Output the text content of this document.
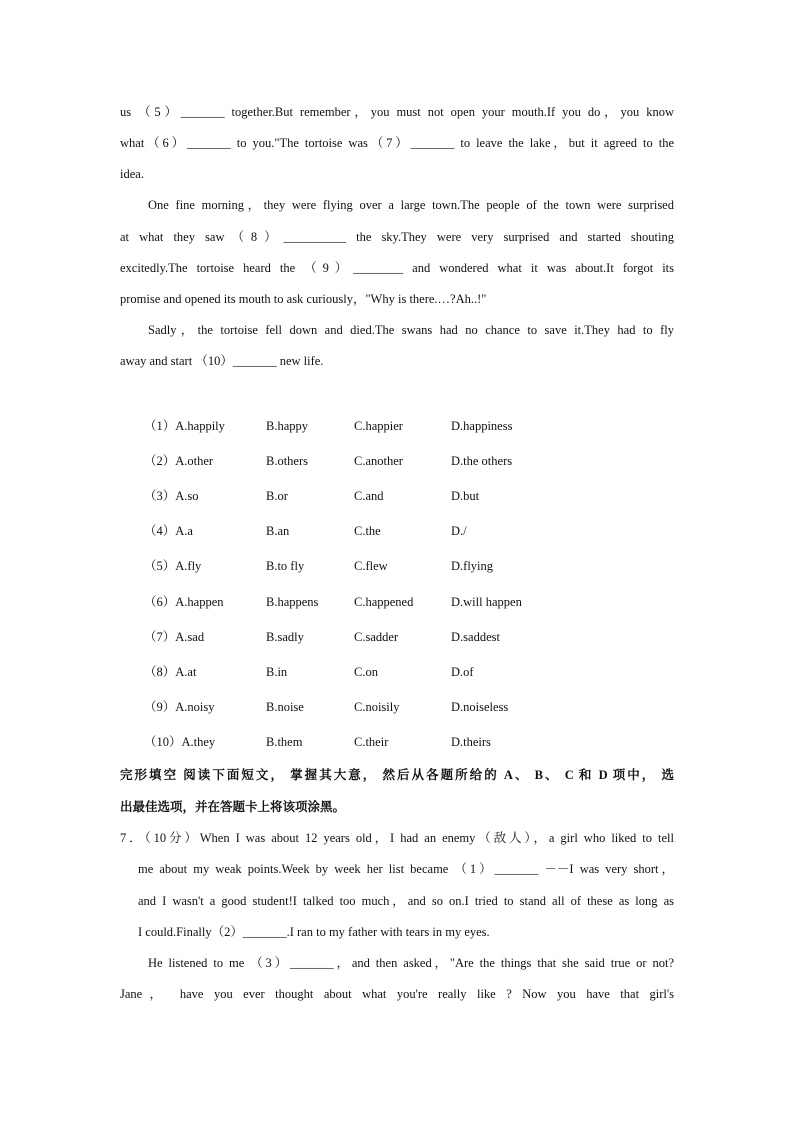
us （5）_______ together.But remember，you must not open your mouth.If you do，you know
what（6）_______ to you."The tortoise was（7）_______ to leave the lake，but it agreed to the
idea.
One fine morning，they were flying over a large town.The people of the town were surprised
at what they saw（8）__________ the sky.They were very surprised and started shouting
excitedly.The tortoise heard the （9）________ and wondered what it was about.It forgot its
promise and opened its mouth to ask curiously，"Why is there.…?Ah..!"
Sadly，the tortoise fell down and died.The swans had no chance to save it.They had to fly
away and start （10）_______ new life.
（1）A.happily	B.happy	C.happier	D.happiness
（2）A.other	B.others	C.another	D.the others
（3）A.so	B.or	C.and	D.but
（4）A.a	B.an	C.the	D./
（5）A.fly	B.to fly	C.flew	D.flying
（6）A.happen	B.happens	C.happened	D.will happen
（7）A.sad	B.sadly	C.sadder	D.saddest
（8）A.at	B.in	C.on	D.of
（9）A.noisy	B.noise	C.noisily	D.noiseless
（10）A.they	B.them	C.their	D.theirs
完形填空 阅读下面短文， 掌握其大意， 然后从各题所给的 A、 B、 C 和 D 项中， 选
出最佳选项，并在答题卡上将该项涂黑。
7．（10分）When I was about 12 years old，I had an enemy（敌人），a girl who liked to tell
me about my weak points.Week by week her list became （1）_______ －－I was very short，
and I wasn't a good student!I talked too much，and so on.I tried to stand all of these as long as
I could.Finally（2）_______.I ran to my father with tears in my eyes.
He listened to me （3）_______，and then asked，"Are the things that she said true or not?
Jane， have you ever thought about what you're really like ? Now you have that girl's
